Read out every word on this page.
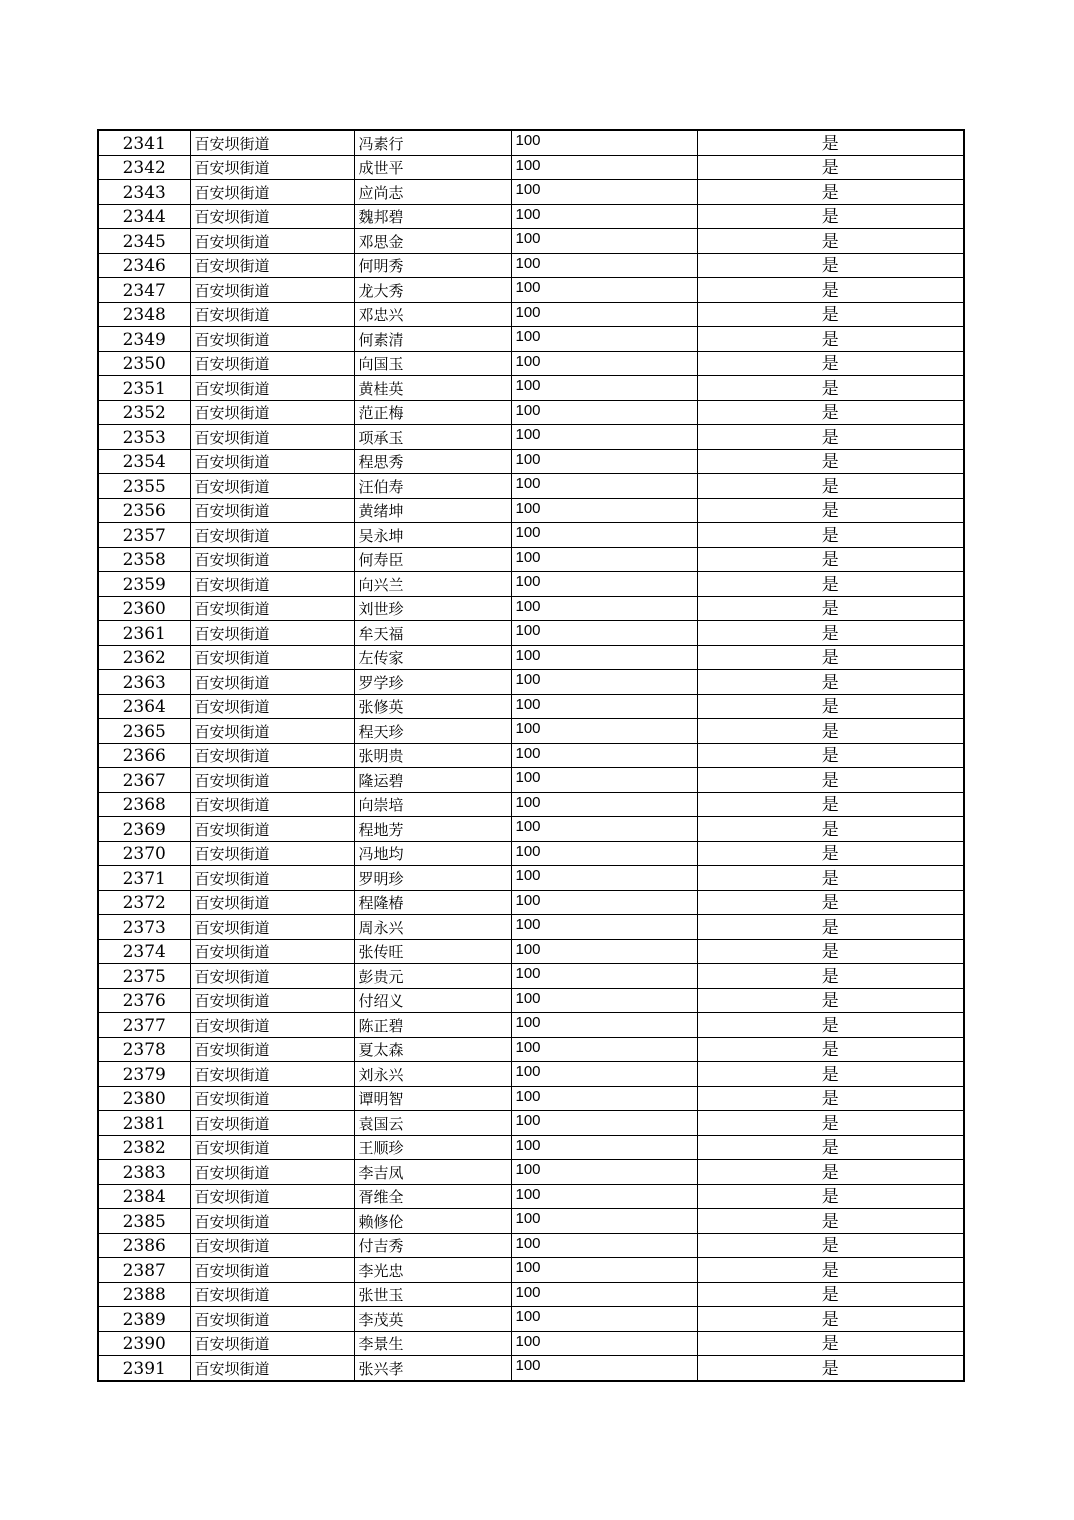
2341	百安坝街道	冯素行	100	是
2342	百安坝街道	成世平	100	是
2343	百安坝街道	应尚志	100	是
2344	百安坝街道	魏邦碧	100	是
2345	百安坝街道	邓思金	100	是
2346	百安坝街道	何明秀	100	是
2347	百安坝街道	龙大秀	100	是
2348	百安坝街道	邓忠兴	100	是
2349	百安坝街道	何素清	100	是
2350	百安坝街道	向国玉	100	是
2351	百安坝街道	黄桂英	100	是
2352	百安坝街道	范正梅	100	是
2353	百安坝街道	项承玉	100	是
2354	百安坝街道	程思秀	100	是
2355	百安坝街道	汪伯寿	100	是
2356	百安坝街道	黄绪坤	100	是
2357	百安坝街道	吴永坤	100	是
2358	百安坝街道	何寿臣	100	是
2359	百安坝街道	向兴兰	100	是
2360	百安坝街道	刘世珍	100	是
2361	百安坝街道	牟天福	100	是
2362	百安坝街道	左传家	100	是
2363	百安坝街道	罗学珍	100	是
2364	百安坝街道	张修英	100	是
2365	百安坝街道	程天珍	100	是
2366	百安坝街道	张明贵	100	是
2367	百安坝街道	隆运碧	100	是
2368	百安坝街道	向崇培	100	是
2369	百安坝街道	程地芳	100	是
2370	百安坝街道	冯地均	100	是
2371	百安坝街道	罗明珍	100	是
2372	百安坝街道	程隆椿	100	是
2373	百安坝街道	周永兴	100	是
2374	百安坝街道	张传旺	100	是
2375	百安坝街道	彭贵元	100	是
2376	百安坝街道	付绍义	100	是
2377	百安坝街道	陈正碧	100	是
2378	百安坝街道	夏太森	100	是
2379	百安坝街道	刘永兴	100	是
2380	百安坝街道	谭明智	100	是
2381	百安坝街道	袁国云	100	是
2382	百安坝街道	王顺珍	100	是
2383	百安坝街道	李吉凤	100	是
2384	百安坝街道	胥维全	100	是
2385	百安坝街道	赖修伦	100	是
2386	百安坝街道	付吉秀	100	是
2387	百安坝街道	李光忠	100	是
2388	百安坝街道	张世玉	100	是
2389	百安坝街道	李茂英	100	是
2390	百安坝街道	李景生	100	是
2391	百安坝街道	张兴孝	100	是
